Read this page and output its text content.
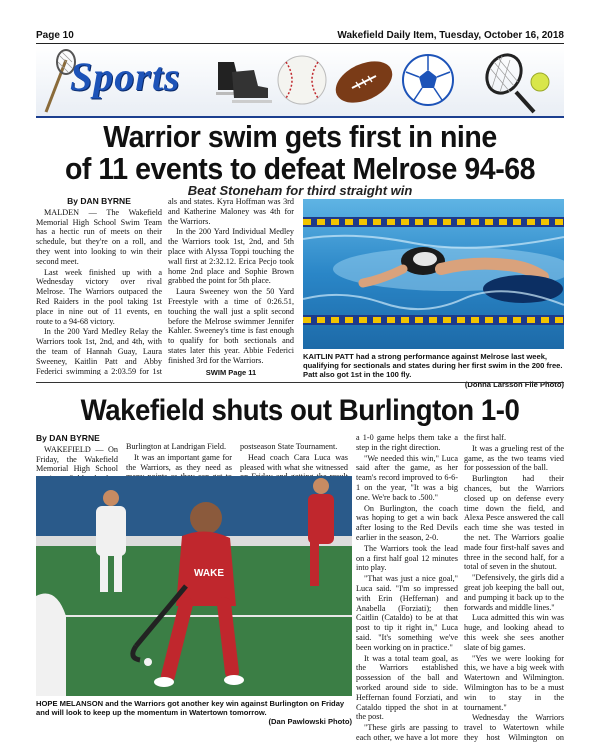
Page 10	Wakefield Daily Item, Tuesday, October 16, 2018
Sports
Warrior swim gets first in nine
of 11 events to defeat Melrose 94-68
Beat Stoneham for third straight win

By DAN BYRNE

MALDEN — The Wakefield Memorial High School Swim Team has a hectic run of meets on their schedule, but they're on a roll, and they went into looking to win their second meet.

Last week finished up with a Wednesday victory over rival Melrose. The Warriors outpaced the Red Raiders in the pool taking 1st place in nine out of 11 events, en route to a 94-68 victory.

In the 200 Yard Medley Relay the Warriors took 1st, 2nd, and 4th, with the team of Hannah Guay, Laura Sweeney, Kaitlin Patt and Abby Federici swimming a 2:03.59 for 1st

als and states. Kyra Hoffman was 3rd and Katherine Maloney was 4th for the Warriors.

In the 200 Yard Individual Medley the Warriors took 1st, 2nd, and 5th place with Alyssa Toppi touching the wall first at 2:32.12. Erica Pecjo took home 2nd place and Sophie Brown grabbed the point for 5th place.

Laura Sweeney won the 50 Yard Freestyle with a time of 0:26.51, touching the wall just a split second before the Melrose swimmer Jennifer Kahler. Sweeney's time is fast enough to qualify for both sectionals and states later this year. Abbie Federici finished 3rd for the Warriors.

SWIM Page 11
KAITLIN PATT had a strong performance against Melrose last week, qualifying for sectionals and states during her first swim in the 200 free. Patt also got 1st in the 100 fly.
(Donna Larsson File Photo)
Wakefield shuts out Burlington 1-0

By DAN BYRNE

WAKEFIELD — On Friday, the Wakefield Memorial High School

Burlington at Landrigan Field.

It was an important game for the Warriors, as they need as

postseason State Tournament.

Head coach Cara Luca was pleased with what she witnessed

WAKE
HOPE MELANSON and the Warriors got another key win against Burlington on Friday and will look to keep up the momentum in Watertown tomorrow.
(Dan Pawlowski Photo)

a 1-0 game helps them take a step in the right direction.

"We needed this win," Luca said after the game, as her team's record improved to 6-6-1 on the year, "It was a big one. We're back to .500."

On Burlington, the coach was hoping to get a win back after losing to the Red Devils earlier in the season, 2-0.

The Warriors took the lead on a first half goal 12 minutes into play.

"That was just a nice goal," Luca said. "I'm so impressed with Erin (Heffernan) and Anabella (Forziati); then Caitlin (Cataldo) to be at that post to tip it right in," Luca said. "It's something we've been working on in practice."

It was a total team goal, as the Warriors established possession of the ball and worked around side to side. Heffernan found Forziati, and Cataldo tipped the shot in at the post.

"These girls are passing to each other, we have a lot more

the first half.

It was a grueling rest of the game, as the two teams vied for possession of the ball.

Burlington had their chances, but the Warriors closed up on defense every time down the field, and Alexa Pesce answered the call each time she was tested in the net. The Warriors goalie made four first-half saves and three in the second half, for a total of seven in the shutout.

"Defensively, the girls did a great job keeping the ball out, and pumping it back up to the forwards and middle lines."

Luca admitted this win was huge, and looking ahead to this week she sees another slate of big games.

"Yes we were looking for this, we have a big week with Watertown and Wilmington. Wilmington has to be a must win to stay in the tournament."

Wednesday the Warriors travel to Watertown while they host Wilmington on
